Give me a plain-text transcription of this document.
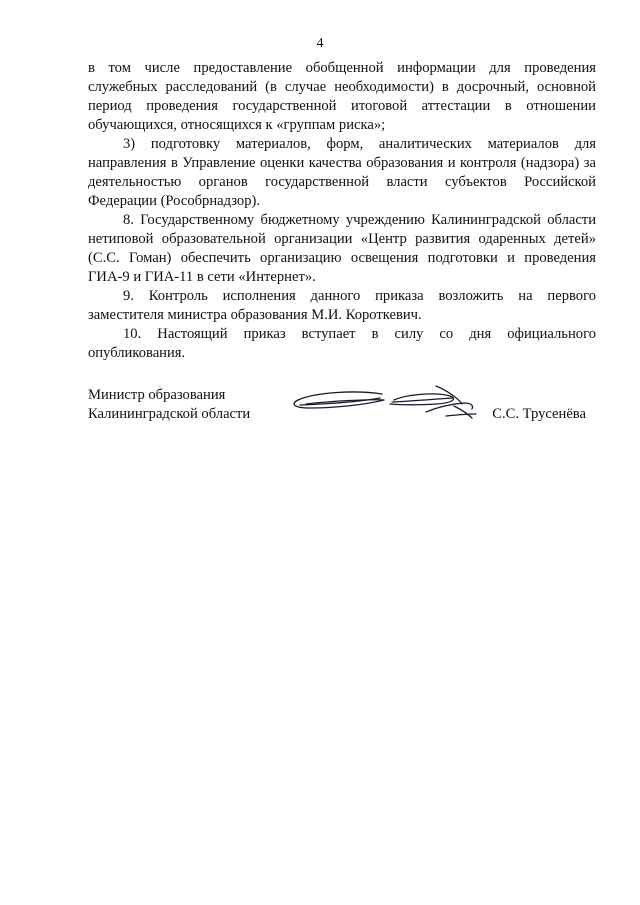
4

в том числе предоставление обобщенной информации для проведения служебных расследований (в случае необходимости) в досрочный, основной период проведения государственной итоговой аттестации в отношении обучающихся, относящихся к «группам риска»;

3) подготовку материалов, форм, аналитических материалов для направления в Управление оценки качества образования и контроля (надзора) за деятельностью органов государственной власти субъектов Российской Федерации (Рособрнадзор).

8. Государственному бюджетному учреждению Калининградской области нетиповой образовательной организации «Центр развития одаренных детей» (С.С. Гоман) обеспечить организацию освещения подготовки и проведения ГИА-9 и ГИА-11 в сети «Интернет».

9. Контроль исполнения данного приказа возложить на первого заместителя министра образования М.И. Короткевич.

10. Настоящий приказ вступает в силу со дня официального опубликования.

Министр образования
Калининградской области	С.С. Трусенёва
